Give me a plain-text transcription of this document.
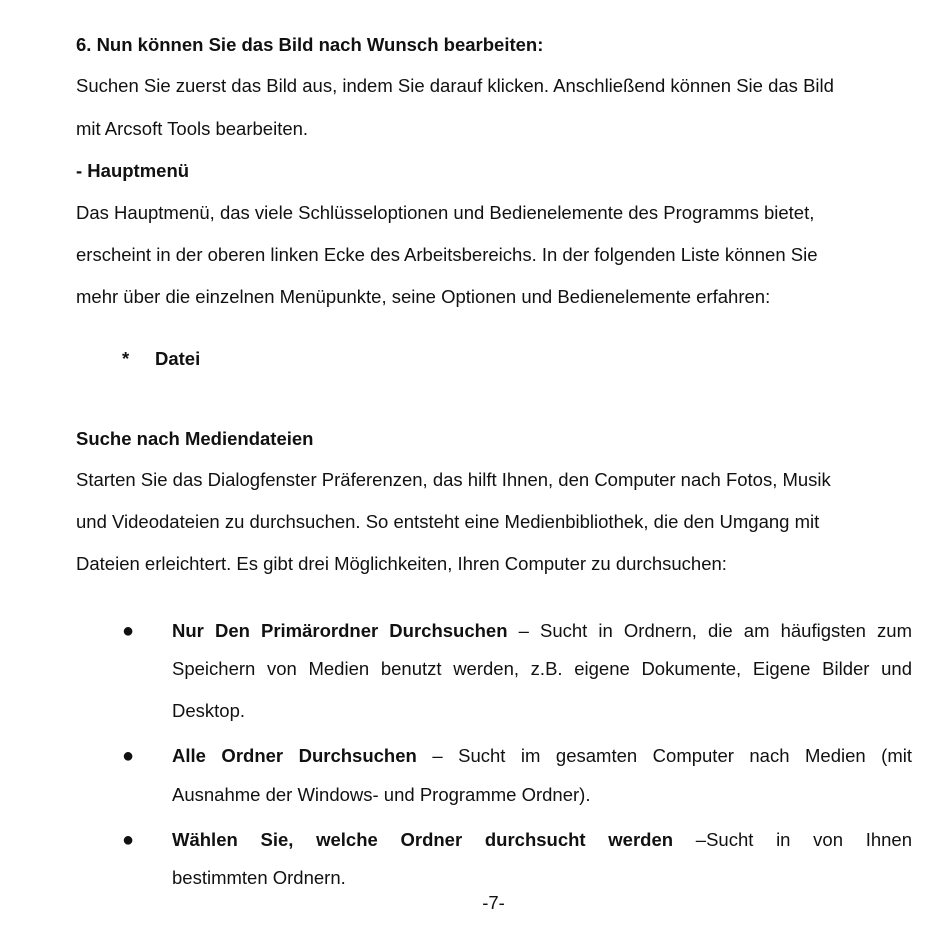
6. Nun können Sie das Bild nach Wunsch bearbeiten:
Suchen Sie zuerst das Bild aus, indem Sie darauf klicken. Anschließend können Sie das Bild
mit Arcsoft Tools bearbeiten.
- Hauptmenü
Das Hauptmenü, das viele Schlüsseloptionen und Bedienelemente des Programms bietet,
erscheint in der oberen linken Ecke des Arbeitsbereichs. In der folgenden Liste können Sie
mehr über die einzelnen Menüpunkte, seine Optionen und Bedienelemente erfahren:
* Datei
Suche nach Mediendateien
Starten Sie das Dialogfenster Präferenzen, das hilft Ihnen, den Computer nach Fotos, Musik
und Videodateien zu durchsuchen. So entsteht eine Medienbibliothek, die den Umgang mit
Dateien erleichtert. Es gibt drei Möglichkeiten, Ihren Computer zu durchsuchen:
● Nur Den Primärordner Durchsuchen – Sucht in Ordnern, die am häufigsten zum
Speichern von Medien benutzt werden, z.B. eigene Dokumente, Eigene Bilder und
Desktop.
● Alle Ordner Durchsuchen – Sucht im gesamten Computer nach Medien (mit
Ausnahme der Windows- und Programme Ordner).
● Wählen Sie, welche Ordner durchsucht werden –Sucht in von Ihnen
bestimmten Ordnern.
-7-
